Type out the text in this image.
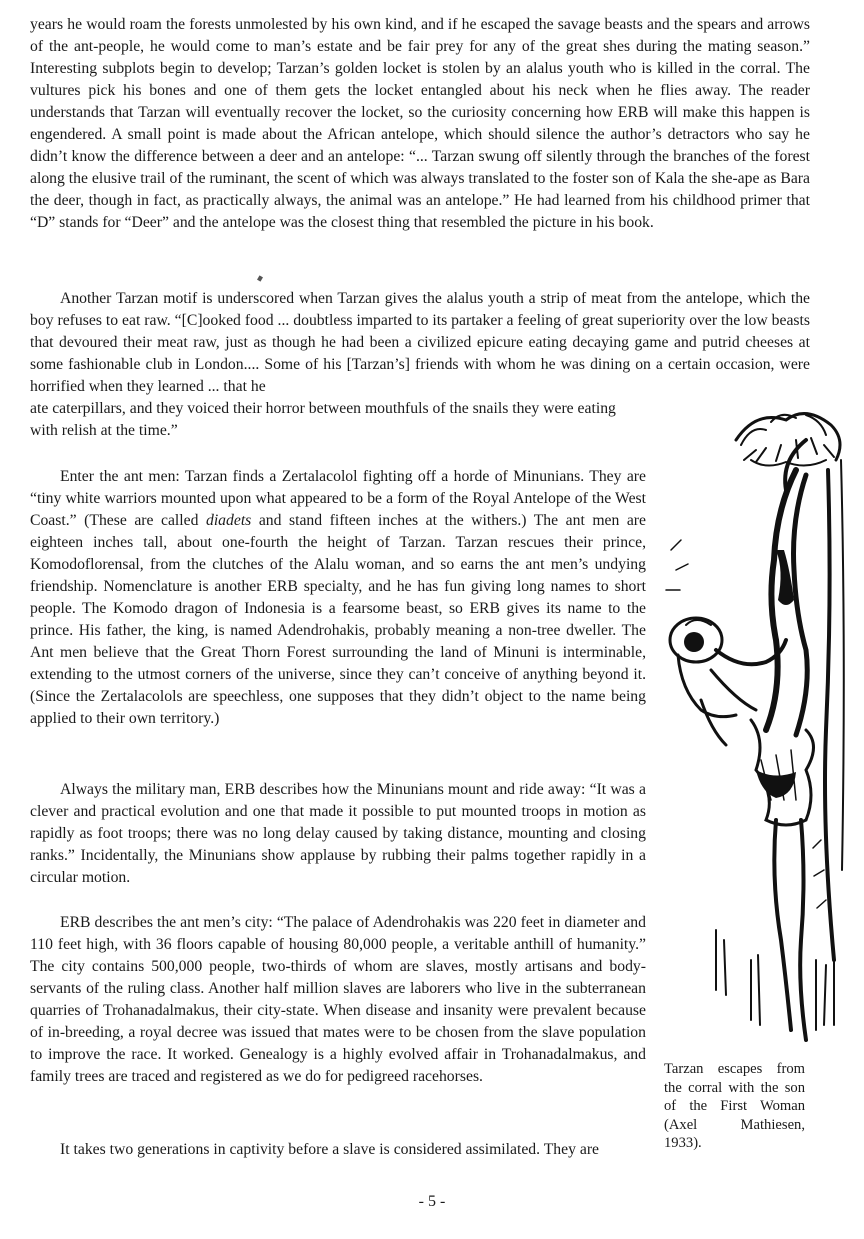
years he would roam the forests unmolested by his own kind, and if he escaped the savage beasts and the spears and arrows of the ant-people, he would come to man’s estate and be fair prey for any of the great shes during the mating season.” Interesting subplots begin to develop; Tarzan’s golden locket is stolen by an alalus youth who is killed in the corral. The vultures pick his bones and one of them gets the locket entangled about his neck when he flies away. The reader understands that Tarzan will eventually recover the locket, so the curiosity concerning how ERB will make this happen is engendered. A small point is made about the African antelope, which should silence the author’s detractors who say he didn’t know the difference between a deer and an antelope: “... Tarzan swung off silently through the branches of the forest along the elusive trail of the ruminant, the scent of which was always translated to the foster son of Kala the she-ape as Bara the deer, though in fact, as practically always, the animal was an antelope.” He had learned from his childhood primer that “D” stands for “Deer” and the antelope was the closest thing that resembled the picture in his book.

Another Tarzan motif is underscored when Tarzan gives the alalus youth a strip of meat from the antelope, which the boy refuses to eat raw. “[C]ooked food ... doubtless imparted to its partaker a feeling of great superiority over the low beasts that devoured their meat raw, just as though he had been a civilized epicure eating decaying game and putrid cheeses at some fashionable club in London.... Some of his [Tarzan’s] friends with whom he was dining on a certain occasion, were horrified when they learned ... that he
ate caterpillars, and they voiced their horror between mouthfuls of the snails they were eating with relish at the time.”

Enter the ant men: Tarzan finds a Zertalacolol fighting off a horde of Minunians. They are “tiny white warriors mounted upon what appeared to be a form of the Royal Antelope of the West Coast.” (These are called diadets and stand fifteen inches at the withers.) The ant men are eighteen inches tall, about one-fourth the height of Tarzan. Tarzan rescues their prince, Komodoflorensal, from the clutches of the Alalu woman, and so earns the ant men’s undying friendship. Nomenclature is another ERB specialty, and he has fun giving long names to short people. The Komodo dragon of Indonesia is a fearsome beast, so ERB gives its name to the prince. His father, the king, is named Adendrohakis, probably meaning a non-tree dweller. The Ant men believe that the Great Thorn Forest surrounding the land of Minuni is interminable, extending to the utmost corners of the universe, since they can’t conceive of anything beyond it. (Since the Zertalacolols are speechless, one supposes that they didn’t object to the name being applied to their own territory.)

Always the military man, ERB describes how the Minunians mount and ride away: “It was a clever and practical evolution and one that made it possible to put mounted troops in motion as rapidly as foot troops; there was no long delay caused by taking distance, mounting and closing ranks.” Incidentally, the Minunians show applause by rubbing their palms together rapidly in a circular motion.

ERB describes the ant men’s city: “The palace of Adendrohakis was 220 feet in diameter and 110 feet high, with 36 floors capable of housing 80,000 people, a veritable anthill of humanity.” The city contains 500,000 people, two-thirds of whom are slaves, mostly artisans and body-servants of the ruling class. Another half million slaves are laborers who live in the subterranean quarries of Trohanadalmakus, their city-state. When disease and insanity were prevalent because of in-breeding, a royal decree was issued that mates were to be chosen from the slave population to improve the race. It worked. Genealogy is a highly evolved affair in Trohanadalmakus, and family trees are traced and registered as we do for pedigreed racehorses.

It takes two generations in captivity before a slave is considered assimilated. They are

Tarzan escapes from the corral with the son of the First Woman (Axel Mathiesen, 1933).

- 5 -
